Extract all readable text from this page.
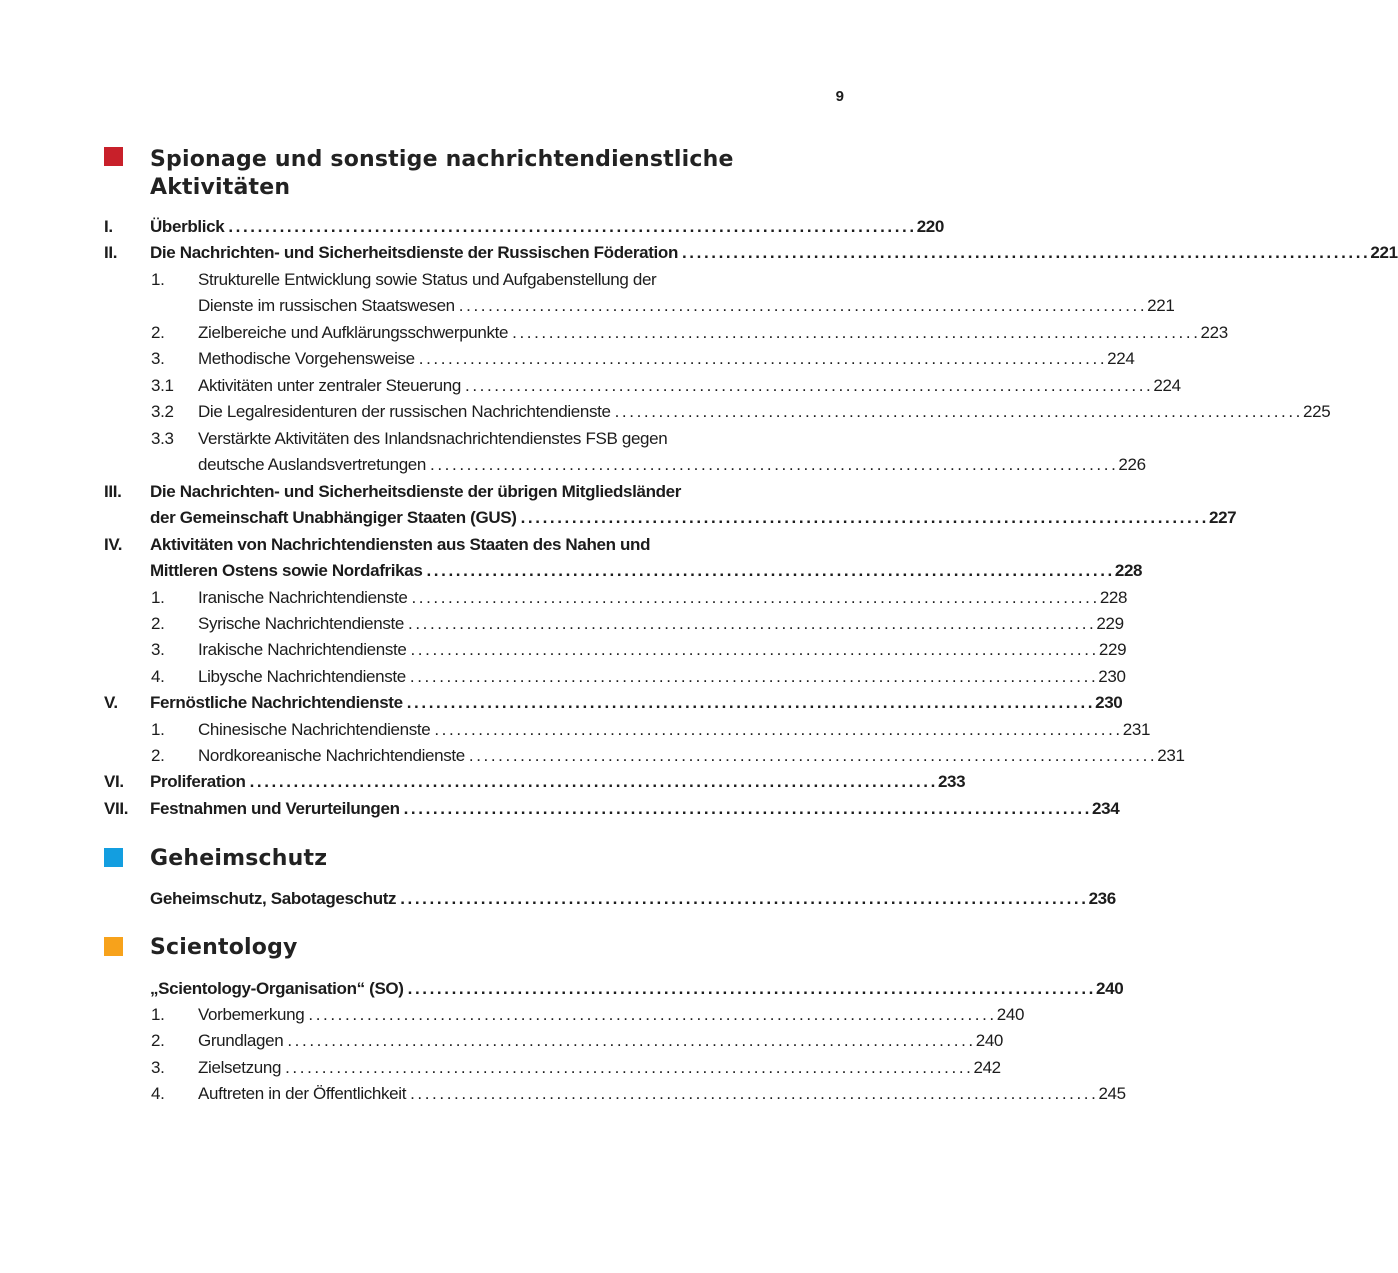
9
Spionage und sonstige nachrichtendienstliche
Aktivitäten
I. Überblick .............................................................................................. 220
II. Die Nachrichten- und Sicherheitsdienste der Russischen Föderation .............................................................................................. 221
1. Strukturelle Entwicklung sowie Status und Aufgabenstellung der
Dienste im russischen Staatswesen .............................................................................................. 221
2. Zielbereiche und Aufklärungsschwerpunkte .............................................................................................. 223
3. Methodische Vorgehensweise .............................................................................................. 224
3.1 Aktivitäten unter zentraler Steuerung .............................................................................................. 224
3.2 Die Legalresidenturen der russischen Nachrichtendienste .............................................................................................. 225
3.3 Verstärkte Aktivitäten des Inlandsnachrichtendienstes FSB gegen
deutsche Auslandsvertretungen .............................................................................................. 226
III. Die Nachrichten- und Sicherheitsdienste der übrigen Mitgliedsländer
der Gemeinschaft Unabhängiger Staaten (GUS) .............................................................................................. 227
IV. Aktivitäten von Nachrichtendiensten aus Staaten des Nahen und
Mittleren Ostens sowie Nordafrikas .............................................................................................. 228
1. Iranische Nachrichtendienste .............................................................................................. 228
2. Syrische Nachrichtendienste .............................................................................................. 229
3. Irakische Nachrichtendienste .............................................................................................. 229
4. Libysche Nachrichtendienste .............................................................................................. 230
V. Fernöstliche Nachrichtendienste .............................................................................................. 230
1. Chinesische Nachrichtendienste .............................................................................................. 231
2. Nordkoreanische Nachrichtendienste .............................................................................................. 231
VI. Proliferation .............................................................................................. 233
VII. Festnahmen und Verurteilungen .............................................................................................. 234
Geheimschutz
Geheimschutz, Sabotageschutz .............................................................................................. 236
Scientology
„Scientology-Organisation“ (SO) .............................................................................................. 240
1. Vorbemerkung .............................................................................................. 240
2. Grundlagen .............................................................................................. 240
3. Zielsetzung .............................................................................................. 242
4. Auftreten in der Öffentlichkeit .............................................................................................. 245
